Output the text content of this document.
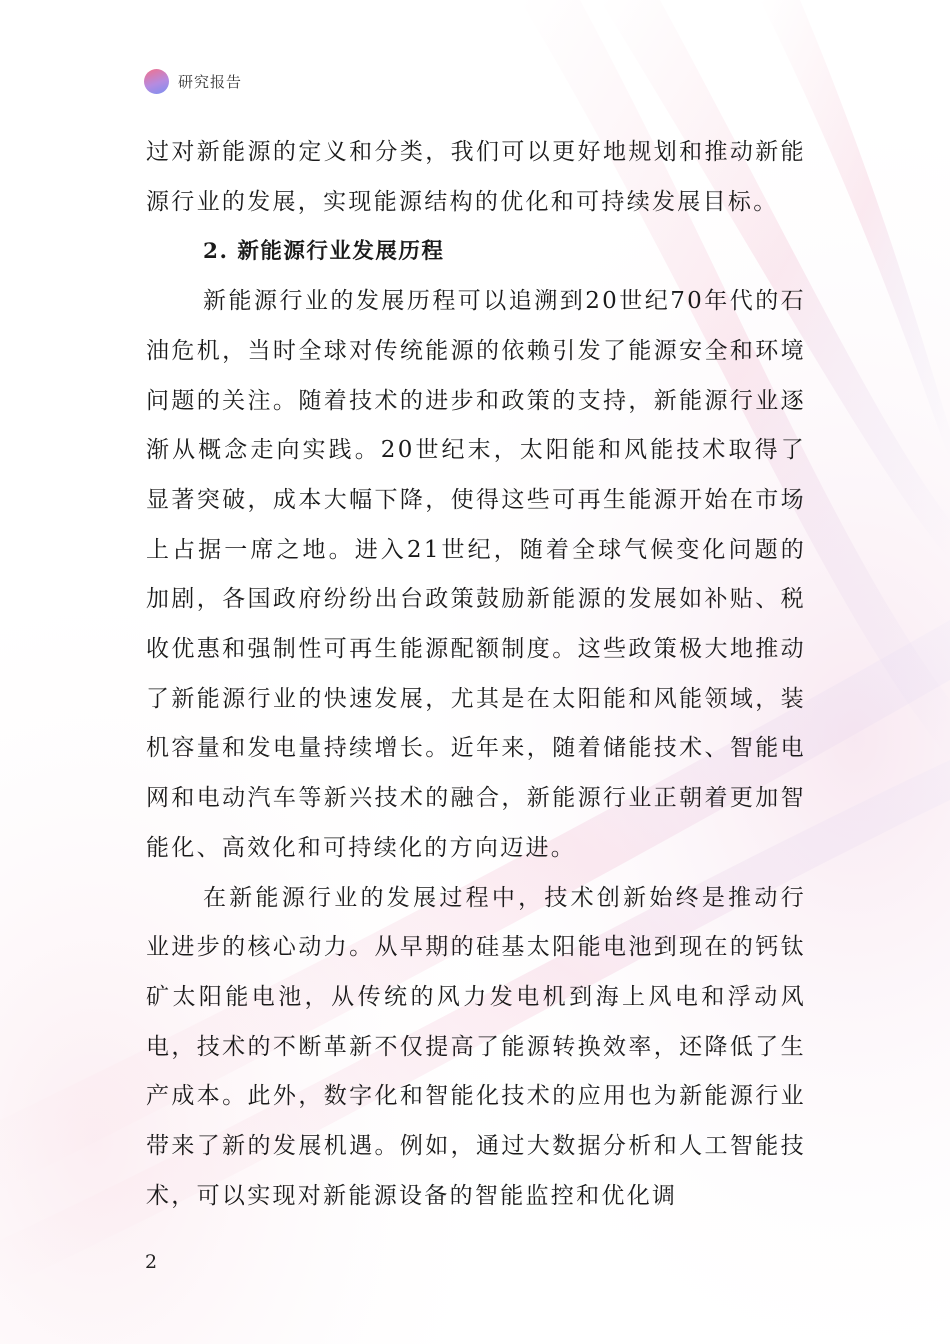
研究报告

过对新能源的定义和分类，我们可以更好地规划和推动新能源行业的发展，实现能源结构的优化和可持续发展目标。

2. 新能源行业发展历程

新能源行业的发展历程可以追溯到20世纪70年代的石油危机，当时全球对传统能源的依赖引发了能源安全和环境问题的关注。随着技术的进步和政策的支持，新能源行业逐渐从概念走向实践。20世纪末，太阳能和风能技术取得了显著突破，成本大幅下降，使得这些可再生能源开始在市场上占据一席之地。进入21世纪，随着全球气候变化问题的加剧，各国政府纷纷出台政策鼓励新能源的发展如补贴、税收优惠和强制性可再生能源配额制度。这些政策极大地推动了新能源行业的快速发展，尤其是在太阳能和风能领域，装机容量和发电量持续增长。近年来，随着储能技术、智能电网和电动汽车等新兴技术的融合，新能源行业正朝着更加智能化、高效化和可持续化的方向迈进。

在新能源行业的发展过程中，技术创新始终是推动行业进步的核心动力。从早期的硅基太阳能电池到现在的钙钛矿太阳能电池，从传统的风力发电机到海上风电和浮动风电，技术的不断革新不仅提高了能源转换效率，还降低了生产成本。此外，数字化和智能化技术的应用也为新能源行业带来了新的发展机遇。例如，通过大数据分析和人工智能技术，可以实现对新能源设备的智能监控和优化调

2
